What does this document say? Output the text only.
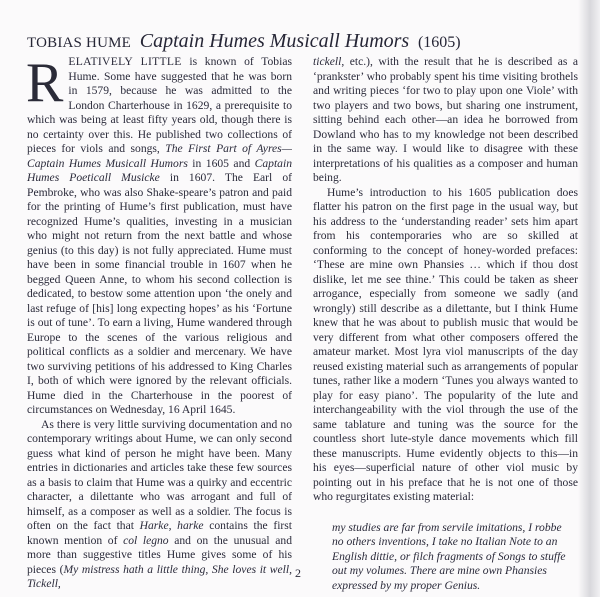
TOBIAS HUME Captain Humes Musicall Humors (1605)

RELATIVELY LITTLE is known of Tobias Hume. Some have suggested that he was born in 1579, because he was admitted to the London Charterhouse in 1629, a prerequisite to which was being at least fifty years old, though there is no certainty over this. He published two collections of pieces for viols and songs, The First Part of Ayres—Captain Humes Musicall Humors in 1605 and Captain Humes Poeticall Musicke in 1607. The Earl of Pembroke, who was also Shake-speare’s patron and paid for the printing of Hume’s first publication, must have recognized Hume’s qualities, investing in a musician who might not return from the next battle and whose genius (to this day) is not fully appreciated. Hume must have been in some financial trouble in 1607 when he begged Queen Anne, to whom his second collection is dedicated, to bestow some attention upon ‘the onely and last refuge of [his] long expecting hopes’ as his ‘Fortune is out of tune’. To earn a living, Hume wandered through Europe to the scenes of the various religious and political conflicts as a soldier and mercenary. We have two surviving petitions of his addressed to King Charles I, both of which were ignored by the relevant officials. Hume died in the Charterhouse in the poorest of circumstances on Wednesday, 16 April 1645.

As there is very little surviving documentation and no contemporary writings about Hume, we can only second guess what kind of person he might have been. Many entries in dictionaries and articles take these few sources as a basis to claim that Hume was a quirky and eccentric character, a dilettante who was arrogant and full of himself, as a composer as well as a soldier. The focus is often on the fact that Harke, harke contains the first known mention of col legno and on the unusual and more than suggestive titles Hume gives some of his pieces (My mistress hath a little thing, She loves it well, Tickell,

tickell, etc.), with the result that he is described as a ‘prankster’ who probably spent his time visiting brothels and writing pieces ‘for two to play upon one Viole’ with two players and two bows, but sharing one instrument, sitting behind each other—an idea he borrowed from Dowland who has to my knowledge not been described in the same way. I would like to disagree with these interpretations of his qualities as a composer and human being.

Hume’s introduction to his 1605 publication does flatter his patron on the first page in the usual way, but his address to the ‘understanding reader’ sets him apart from his contemporaries who are so skilled at conforming to the concept of honey-worded prefaces: ‘These are mine own Phansies … which if thou dost dislike, let me see thine.’ This could be taken as sheer arrogance, especially from someone we sadly (and wrongly) still describe as a dilettante, but I think Hume knew that he was about to publish music that would be very different from what other composers offered the amateur market. Most lyra viol manuscripts of the day reused existing material such as arrangements of popular tunes, rather like a modern ‘Tunes you always wanted to play for easy piano’. The popularity of the lute and interchangeability with the viol through the use of the same tablature and tuning was the source for the countless short lute-style dance movements which fill these manuscripts. Hume evidently objects to this—in his eyes—superficial nature of other viol music by pointing out in his preface that he is not one of those who regurgitates existing material:

my studies are far from servile imitations, I robbe no others inventions, I take no Italian Note to an English dittie, or filch fragments of Songs to stuffe out my volumes. There are mine own Phansies expressed by my proper Genius.

2
